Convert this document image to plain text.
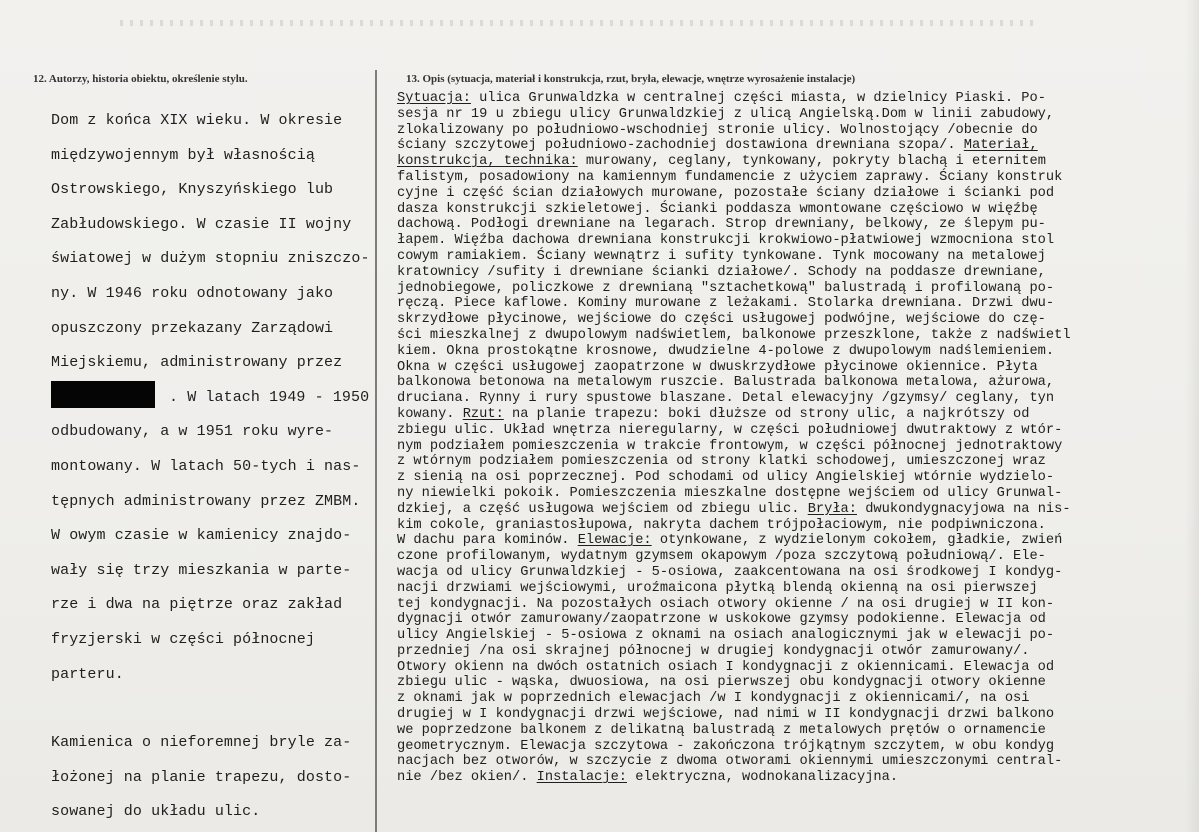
12. Autorzy, historia obiektu, określenie stylu.	13. Opis (sytuacja, materiał i konstrukcja, rzut, bryła, elewacje, wnętrze wyrosażenie instalacje)
Dom z końca XIX wieku. W okresie
międzywojennym był własnością
Ostrowskiego, Knyszyńskiego lub
Zabłudowskiego. W czasie II wojny
światowej w dużym stopniu zniszczo-
ny. W 1946 roku odnotowany jako
opuszczony przekazany Zarządowi
Miejskiemu, administrowany przez
. W latach 1949 - 1950
odbudowany, a w 1951 roku wyre-
montowany. W latach 50-tych i nas-
tępnych administrowany przez ZMBM.
W owym czasie w kamienicy znajdo-
wały się trzy mieszkania w parte-
rze i dwa na piętrze oraz zakład
fryzjerski w części północnej
parteru.
Kamienica o nieforemnej bryle za-
łożonej na planie trapezu, dosto-
sowanej do układu ulic.
Sytuacja: ulica Grunwaldzka w centralnej części miasta, w dzielnicy Piaski. Po-
sesja nr 19 u zbiegu ulicy Grunwaldzkiej z ulicą Angielską.Dom w linii zabudowy,
zlokalizowany po południowo-wschodniej stronie ulicy. Wolnostojący /obecnie do
ściany szczytowej południowo-zachodniej dostawiona drewniana szopa/. Materiał,
konstrukcja, technika: murowany, ceglany, tynkowany, pokryty blachą i eternitem
falistym, posadowiony na kamiennym fundamencie z użyciem zaprawy. Ściany konstruk
cyjne i część ścian działowych murowane, pozostałe ściany działowe i ścianki pod
dasza konstrukcji szkieletowej. Ścianki poddasza wmontowane częściowo w więźbę
dachową. Podłogi drewniane na legarach. Strop drewniany, belkowy, ze ślepym pu-
łapem. Więźba dachowa drewniana konstrukcji krokwiowo-płatwiowej wzmocniona stol
cowym ramiakiem. Ściany wewnątrz i sufity tynkowane. Tynk mocowany na metalowej
kratownicy /sufity i drewniane ścianki działowe/. Schody na poddasze drewniane,
jednobiegowe, policzkowe z drewnianą "sztachetkową" balustradą i profilowaną po-
ręczą. Piece kaflowe. Kominy murowane z leżakami. Stolarka drewniana. Drzwi dwu-
skrzydłowe płycinowe, wejściowe do części usługowej podwójne, wejściowe do czę-
ści mieszkalnej z dwupolowym nadświetlem, balkonowe przeszklone, także z nadświetl
kiem. Okna prostokątne krosnowe, dwudzielne 4-polowe z dwupolowym nadślemieniem.
Okna w części usługowej zaopatrzone w dwuskrzydłowe płycinowe okiennice. Płyta
balkonowa betonowa na metalowym ruszcie. Balustrada balkonowa metalowa, ażurowa,
druciana. Rynny i rury spustowe blaszane. Detal elewacyjny /gzymsy/ ceglany, tyn
kowany. Rzut: na planie trapezu: boki dłuższe od strony ulic, a najkrótszy od
zbiegu ulic. Układ wnętrza nieregularny, w części południowej dwutraktowy z wtór-
nym podziałem pomieszczenia w trakcie frontowym, w części północnej jednotraktowy
z wtórnym podziałem pomieszczenia od strony klatki schodowej, umieszczonej wraz
z sienią na osi poprzecznej. Pod schodami od ulicy Angielskiej wtórnie wydzielo-
ny niewielki pokoik. Pomieszczenia mieszkalne dostępne wejściem od ulicy Grunwal-
dzkiej, a część usługowa wejściem od zbiegu ulic. Bryła: dwukondygnacyjowa na nis-
kim cokole, graniastosłupowa, nakryta dachem trójpołaciowym, nie podpiwniczona.
W dachu para kominów. Elewacje: otynkowane, z wydzielonym cokołem, gładkie, zwień
czone profilowanym, wydatnym gzymsem okapowym /poza szczytową południową/. Ele-
wacja od ulicy Grunwaldzkiej - 5-osiowa, zaakcentowana na osi środkowej I kondyg-
nacji drzwiami wejściowymi, uroźmaicona płytką blendą okienną na osi pierwszej
tej kondygnacji. Na pozostałych osiach otwory okienne / na osi drugiej w II kon-
dygnacji otwór zamurowany/zaopatrzone w uskokowe gzymsy podokienne. Elewacja od
ulicy Angielskiej - 5-osiowa z oknami na osiach analogicznymi jak w elewacji po-
przedniej /na osi skrajnej północnej w drugiej kondygnacji otwór zamurowany/.
Otwory okienn na dwóch ostatnich osiach I kondygnacji z okiennicami. Elewacja od
zbiegu ulic - wąska, dwuosiowa, na osi pierwszej obu kondygnacji otwory okienne
z oknami jak w poprzednich elewacjach /w I kondygnacji z okiennicami/, na osi
drugiej w I kondygnacji drzwi wejściowe, nad nimi w II kondygnacji drzwi balkono
we poprzedzone balkonem z delikatną balustradą z metalowych prętów o ornamencie
geometrycznym. Elewacja szczytowa - zakończona trójkątnym szczytem, w obu kondyg
nacjach bez otworów, w szczycie z dwoma otworami okiennymi umieszczonymi central-
nie /bez okien/. Instalacje: elektryczna, wodnokanalizacyjna.
